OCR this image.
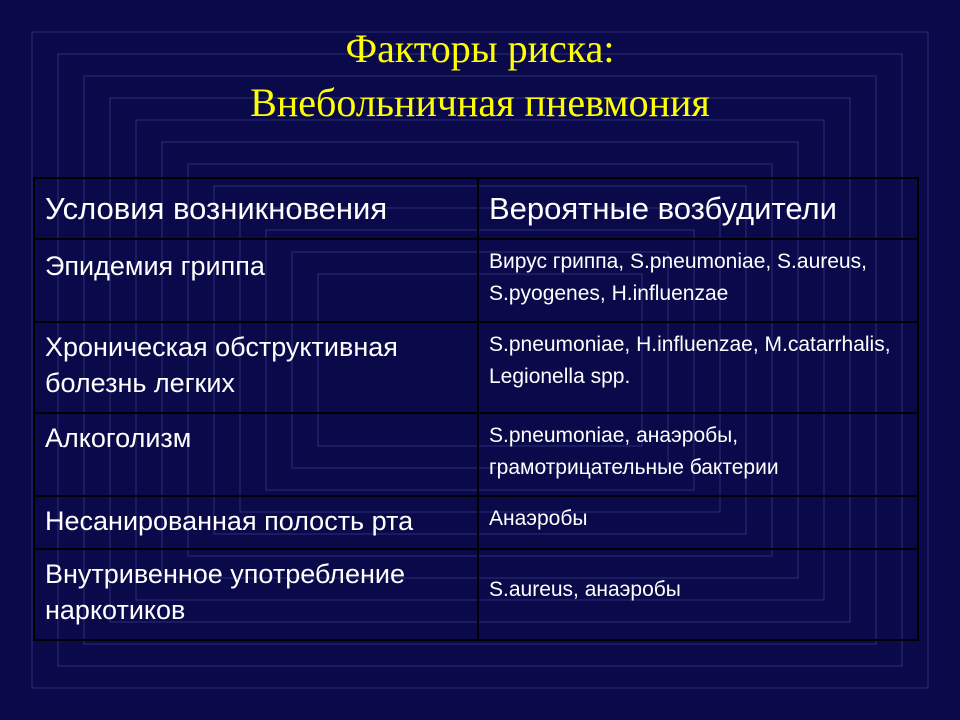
Факторы риска:
Внебольничная пневмония
Условия возникновения	Вероятные возбудители
Эпидемия гриппа	Вирус гриппа, S.pneumoniae, S.aureus, S.pyogenes, H.influenzae
Хроническая обструктивная болезнь легких	S.pneumoniae, H.influenzae, M.catarrhalis, Legionella spp.
Алкоголизм	S.pneumoniae, анаэробы, грамотрицательные бактерии
Несанированная полость рта	Анаэробы
Внутривенное употребление наркотиков	S.aureus, анаэробы
